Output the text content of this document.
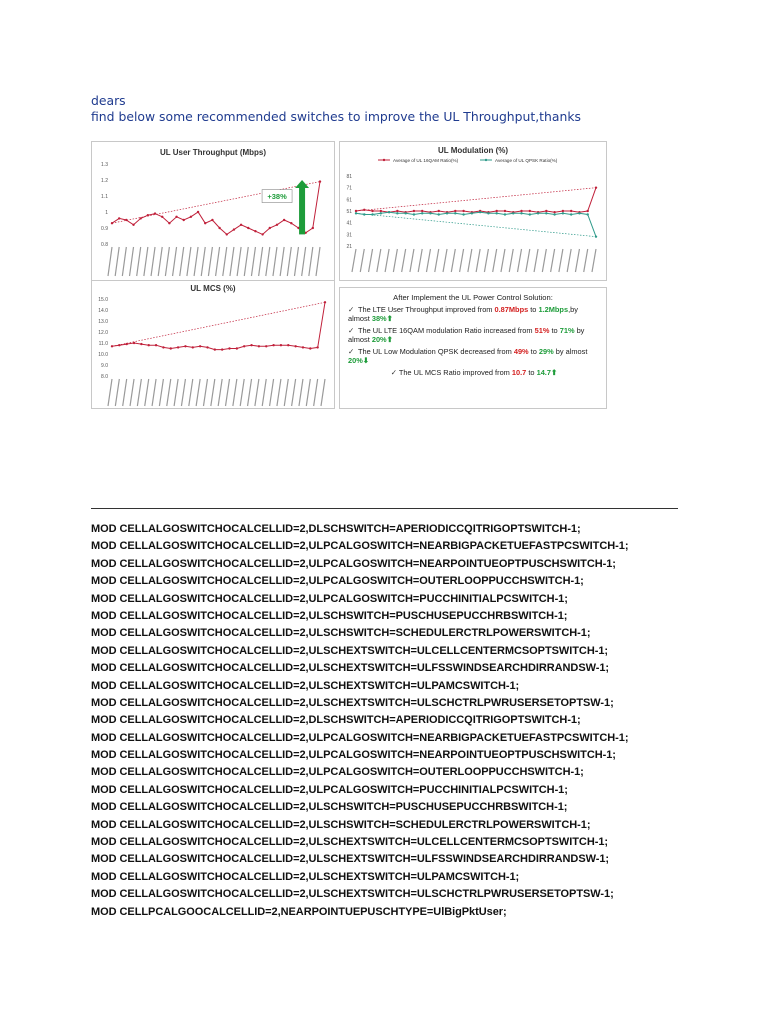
dears
find below some recommended switches to improve the UL Throughput,thanks
UL User Throughput (Mbps)
1.3
1.2
1.1
1
0.9
0.8
+38%
UL Modulation (%)
81
71
61
51
41
31
21
Average of UL 16QAM Ratio(%)	Average of UL QPSK Ratio(%)
UL MCS (%)
15.0
14.0
13.0
12.0
11.0
10.0
9.0
8.0
After Implement the UL Power Control Solution:
✓ The LTE User Throughput improved from 0.87Mbps to 1.2Mbps,by almost 38%⬆
✓ The UL LTE 16QAM modulation Ratio increased from 51% to 71% by almost 20%⬆
✓ The UL Low Modulation QPSK decreased from 49% to 29% by almost 20%⬇
✓ The UL MCS Ratio improved from 10.7 to 14.7⬆
MOD CELLALGOSWITCHOCALCELLID=2,DLSCHSWITCH=APERIODICCQITRIGOPTSWITCH-1;
MOD CELLALGOSWITCHOCALCELLID=2,ULPCALGOSWITCH=NEARBIGPACKETUEFASTPCSWITCH-1;
MOD CELLALGOSWITCHOCALCELLID=2,ULPCALGOSWITCH=NEARPOINTUEOPTPUSCHSWITCH-1;
MOD CELLALGOSWITCHOCALCELLID=2,ULPCALGOSWITCH=OUTERLOOPPUCCHSWITCH-1;
MOD CELLALGOSWITCHOCALCELLID=2,ULPCALGOSWITCH=PUCCHINITIALPCSWITCH-1;
MOD CELLALGOSWITCHOCALCELLID=2,ULSCHSWITCH=PUSCHUSEPUCCHRBSWITCH-1;
MOD CELLALGOSWITCHOCALCELLID=2,ULSCHSWITCH=SCHEDULERCTRLPOWERSWITCH-1;
MOD CELLALGOSWITCHOCALCELLID=2,ULSCHEXTSWITCH=ULCELLCENTERMCSOPTSWITCH-1;
MOD CELLALGOSWITCHOCALCELLID=2,ULSCHEXTSWITCH=ULFSSWINDSEARCHDIRRANDSW-1;
MOD CELLALGOSWITCHOCALCELLID=2,ULSCHEXTSWITCH=ULPAMCSWITCH-1;
MOD CELLALGOSWITCHOCALCELLID=2,ULSCHEXTSWITCH=ULSCHCTRLPWRUSERSETOPTSW-1;
MOD CELLALGOSWITCHOCALCELLID=2,DLSCHSWITCH=APERIODICCQITRIGOPTSWITCH-1;
MOD CELLALGOSWITCHOCALCELLID=2,ULPCALGOSWITCH=NEARBIGPACKETUEFASTPCSWITCH-1;
MOD CELLALGOSWITCHOCALCELLID=2,ULPCALGOSWITCH=NEARPOINTUEOPTPUSCHSWITCH-1;
MOD CELLALGOSWITCHOCALCELLID=2,ULPCALGOSWITCH=OUTERLOOPPUCCHSWITCH-1;
MOD CELLALGOSWITCHOCALCELLID=2,ULPCALGOSWITCH=PUCCHINITIALPCSWITCH-1;
MOD CELLALGOSWITCHOCALCELLID=2,ULSCHSWITCH=PUSCHUSEPUCCHRBSWITCH-1;
MOD CELLALGOSWITCHOCALCELLID=2,ULSCHSWITCH=SCHEDULERCTRLPOWERSWITCH-1;
MOD CELLALGOSWITCHOCALCELLID=2,ULSCHEXTSWITCH=ULCELLCENTERMCSOPTSWITCH-1;
MOD CELLALGOSWITCHOCALCELLID=2,ULSCHEXTSWITCH=ULFSSWINDSEARCHDIRRANDSW-1;
MOD CELLALGOSWITCHOCALCELLID=2,ULSCHEXTSWITCH=ULPAMCSWITCH-1;
MOD CELLALGOSWITCHOCALCELLID=2,ULSCHEXTSWITCH=ULSCHCTRLPWRUSERSETOPTSW-1;
MOD CELLPCALGOOCALCELLID=2,NEARPOINTUEPUSCHTYPE=UlBigPktUser;
